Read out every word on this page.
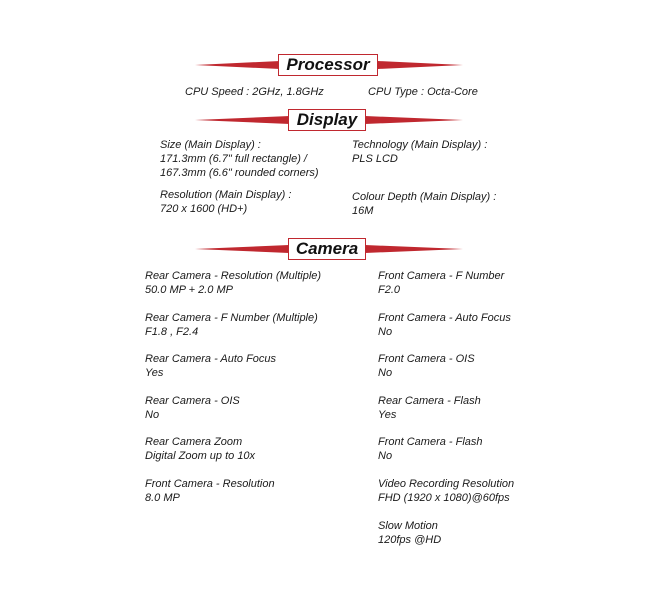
Processor
CPU Speed : 2GHz, 1.8GHz	CPU Type : Octa-Core
Display
Size (Main Display) :
171.3mm (6.7" full rectangle) /
167.3mm (6.6" rounded corners)
Resolution (Main Display) :
720 x 1600 (HD+)
Technology (Main Display) :
PLS LCD
Colour Depth (Main Display) :
16M
Camera
Rear Camera - Resolution (Multiple)
50.0 MP + 2.0 MP
Rear Camera - F Number (Multiple)
F1.8 , F2.4
Rear Camera - Auto Focus
Yes
Rear Camera - OIS
No
Rear Camera Zoom
Digital Zoom up to 10x
Front Camera - Resolution
8.0 MP
Front Camera - F Number
F2.0
Front Camera - Auto Focus
No
Front Camera - OIS
No
Rear Camera - Flash
Yes
Front Camera - Flash
No
Video Recording Resolution
FHD (1920 x 1080)@60fps
Slow Motion
120fps @HD
